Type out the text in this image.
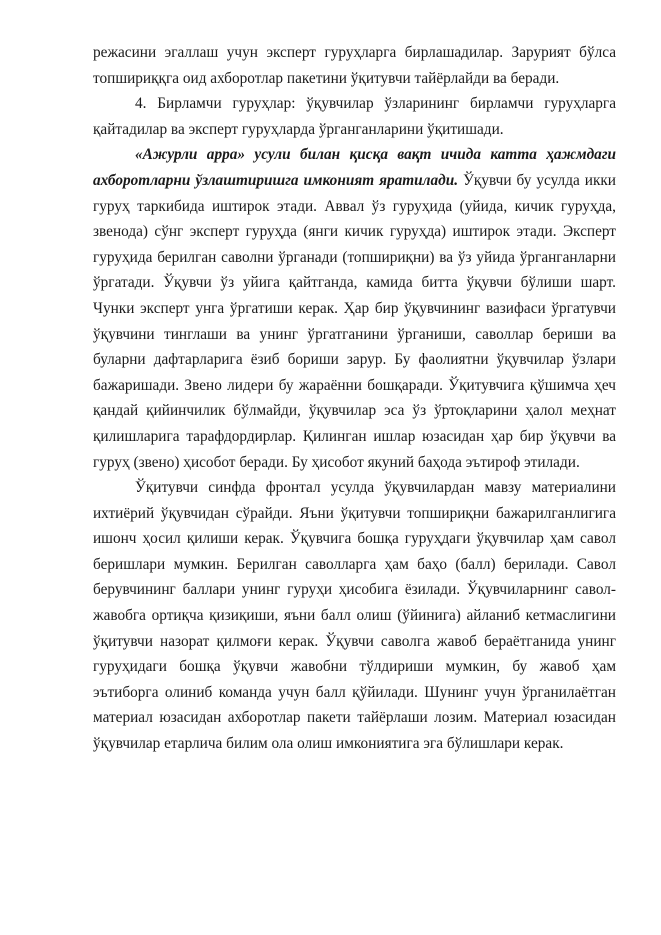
режасини эгаллаш учун эксперт гуруҳларга бирлашадилар. Зарурият бўлса топшириққга оид ахборотлар пакетини ўқитувчи тайёрлайди ва беради.

4. Бирламчи гуруҳлар: ўқувчилар ўзларининг бирламчи гуруҳларга қайтадилар ва эксперт гуруҳларда ўрганганларини ўқитишади.

«Ажурли арра» усули билан қисқа вақт ичида катта ҳажмдаги ахборотларни ўзлаштиришга имконият яратилади. Ўқувчи бу усулда икки гуруҳ таркибида иштирок этади. Аввал ўз гуруҳида (уйида, кичик гуруҳда, звенода) сўнг эксперт гуруҳда (янги кичик гуруҳда) иштирок этади. Эксперт гуруҳида берилган саволни ўрганади (топшириқни) ва ўз уйида ўрганганларни ўргатади. Ўқувчи ўз уйига қайтганда, камида битта ўқувчи бўлиши шарт. Чунки эксперт унга ўргатиши керак. Ҳар бир ўқувчининг вазифаси ўргатувчи ўқувчини тинглаши ва унинг ўргатганини ўрганиши, саволлар бериши ва буларни дафтарларига ёзиб бориши зарур. Бу фаолиятни ўқувчилар ўзлари бажаришади. Звено лидери бу жараённи бошқаради. Ўқитувчига қўшимча ҳеч қандай қийинчилик бўлмайди, ўқувчилар эса ўз ўртоқларини ҳалол меҳнат қилишларига тарафдордирлар. Қилинган ишлар юзасидан ҳар бир ўқувчи ва гуруҳ (звено) ҳисобот беради. Бу ҳисобот якуний баҳода эътироф этилади.

Ўқитувчи синфда фронтал усулда ўқувчилардан мавзу материалини ихтиёрий ўқувчидан сўрайди. Яъни ўқитувчи топшириқни бажарилганлигига ишонч ҳосил қилиши керак. Ўқувчига бошқа гуруҳдаги ўқувчилар ҳам савол беришлари мумкин. Берилган саволларга ҳам баҳо (балл) берилади. Савол берувчининг баллари унинг гуруҳи ҳисобига ёзилади. Ўқувчиларнинг савол-жавобга ортиқча қизиқиши, яъни балл олиш (ўйинига) айланиб кетмаслигини ўқитувчи назорат қилмоғи керак. Ўқувчи саволга жавоб бераётганида унинг гуруҳидаги бошқа ўқувчи жавобни тўлдириши мумкин, бу жавоб ҳам эътиборга олиниб команда учун балл қўйилади. Шунинг учун ўрганилаётган материал юзасидан ахборотлар пакети тайёрлаши лозим. Материал юзасидан ўқувчилар етарлича билим ола олиш имкониятига эга бўлишлари керак.
